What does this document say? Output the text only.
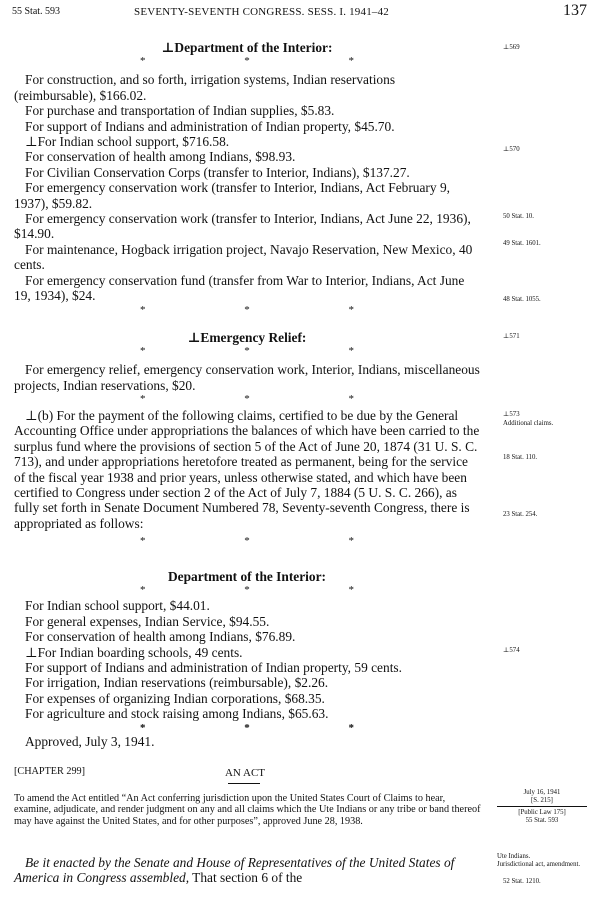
55 Stat. 593	SEVENTY-SEVENTH CONGRESS. SESS. I. 1941–42	137
⊥Department of the Interior:
* * *

For construction, and so forth, irrigation systems, Indian reservations (reimbursable), $166.02.

For purchase and transportation of Indian supplies, $5.83.

For support of Indians and administration of Indian property, $45.70.

⊥For Indian school support, $716.58.

For conservation of health among Indians, $98.93.

For Civilian Conservation Corps (transfer to Interior, Indians), $137.27.

For emergency conservation work (transfer to Interior, Indians, Act February 9, 1937), $59.82.

For emergency conservation work (transfer to Interior, Indians, Act June 22, 1936), $14.90.

For maintenance, Hogback irrigation project, Navajo Reservation, New Mexico, 40 cents.

For emergency conservation fund (transfer from War to Interior, Indians, Act June 19, 1934), $24.

* * *
⊥Emergency Relief:
* * *

For emergency relief, emergency conservation work, Interior, Indians, miscellaneous projects, Indian reservations, $20.

* * *

⊥(b) For the payment of the following claims, certified to be due by the General Accounting Office under appropriations the balances of which have been carried to the surplus fund where the provisions of section 5 of the Act of June 20, 1874 (31 U. S. C. 713), and under appropriations heretofore treated as permanent, being for the service of the fiscal year 1938 and prior years, unless otherwise stated, and which have been certified to Congress under section 2 of the Act of July 7, 1884 (5 U. S. C. 266), as fully set forth in Senate Document Numbered 78, Seventy-seventh Congress, there is appropriated as follows:

* * *
Department of the Interior:
* * *

For Indian school support, $44.01.

For general expenses, Indian Service, $94.55.

For conservation of health among Indians, $76.89.

⊥For Indian boarding schools, 49 cents.

For support of Indians and administration of Indian property, 59 cents.

For irrigation, Indian reservations (reimbursable), $2.26.

For expenses of organizing Indian corporations, $68.35.

For agriculture and stock raising among Indians, $65.63.

* * *

Approved, July 3, 1941.

[CHAPTER 299]	AN ACT

To amend the Act entitled “An Act conferring jurisdiction upon the United States Court of Claims to hear, examine, adjudicate, and render judgment on any and all claims which the Ute Indians or any tribe or band thereof may have against the United States, and for other purposes”, approved June 28, 1938.

Be it enacted by the Senate and House of Representatives of the United States of America in Congress assembled, That section 6 of the

⊥569
⊥570
50 Stat. 10.
49 Stat. 1601.
48 Stat. 1055.
⊥571
⊥573
Additional claims.
18 Stat. 110.
23 Stat. 254.
⊥574
July 16, 1941
[S. 215]
[Public Law 175]
55 Stat. 593
Ute Indians.
Jurisdictional act, amendment.
52 Stat. 1210.
